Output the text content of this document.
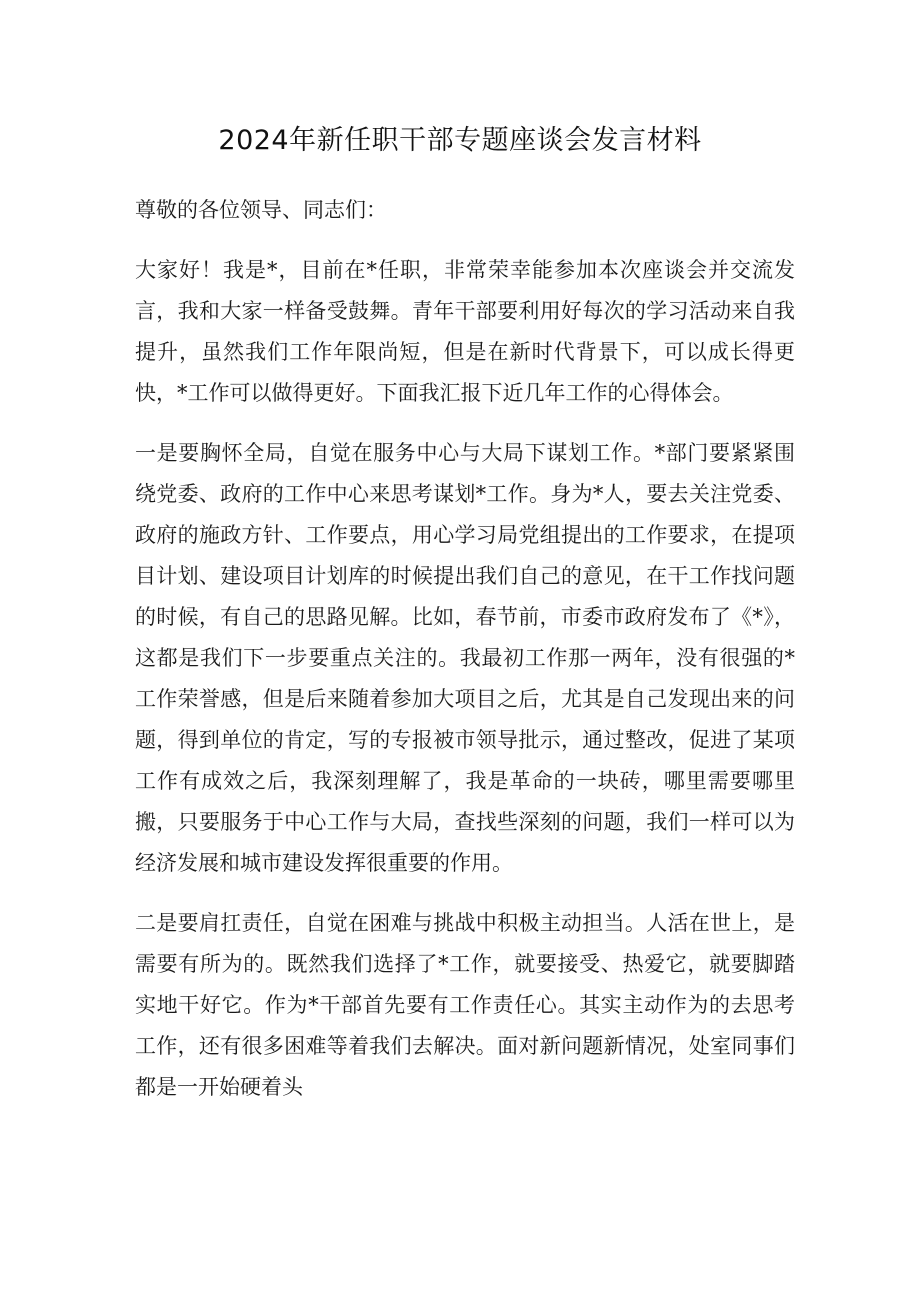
2024年新任职干部专题座谈会发言材料

尊敬的各位领导、同志们：

大家好！我是*，目前在*任职，非常荣幸能参加本次座谈会并交流发言，我和大家一样备受鼓舞。青年干部要利用好每次的学习活动来自我提升，虽然我们工作年限尚短，但是在新时代背景下，可以成长得更快，*工作可以做得更好。下面我汇报下近几年工作的心得体会。

一是要胸怀全局，自觉在服务中心与大局下谋划工作。*部门要紧紧围绕党委、政府的工作中心来思考谋划*工作。身为*人，要去关注党委、政府的施政方针、工作要点，用心学习局党组提出的工作要求，在提项目计划、建设项目计划库的时候提出我们自己的意见，在干工作找问题的时候，有自己的思路见解。比如，春节前，市委市政府发布了《*》，这都是我们下一步要重点关注的。我最初工作那一两年，没有很强的*工作荣誉感，但是后来随着参加大项目之后，尤其是自己发现出来的问题，得到单位的肯定，写的专报被市领导批示，通过整改，促进了某项工作有成效之后，我深刻理解了，我是革命的一块砖，哪里需要哪里搬，只要服务于中心工作与大局，查找些深刻的问题，我们一样可以为经济发展和城市建设发挥很重要的作用。

二是要肩扛责任，自觉在困难与挑战中积极主动担当。人活在世上，是需要有所为的。既然我们选择了*工作，就要接受、热爱它，就要脚踏实地干好它。作为*干部首先要有工作责任心。其实主动作为的去思考工作，还有很多困难等着我们去解决。面对新问题新情况，处室同事们都是一开始硬着头
